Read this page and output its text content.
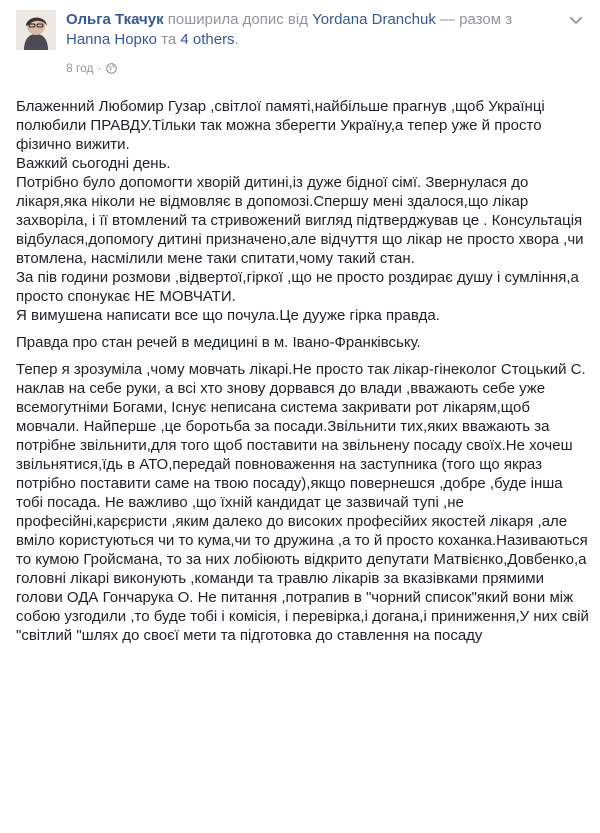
Ольга Ткачук поширила допис від Yordana Dranchuk — разом з Hanna Норко та 4 others.
8 год ·

Блаженний Любомир Гузар ,світлої памяті,найбільше прагнув ,щоб Українці полюбили ПРАВДУ.Тільки так можна зберегти Україну,а тепер уже й просто фізично вижити.
Важкий сьогодні день.
Потрібно було допомогти хворій дитині,із дуже бідної сімї. Звернулася до лікаря,яка ніколи не відмовляє в допомозі.Спершу мені здалося,що лікар захворіла, і її втомлений та стривожений вигляд підтверджував це . Консультація відбулася,допомогу дитині призначено,але відчуття що лікар не просто хвора ,чи втомлена, насмілили мене таки спитати,чому такий стан.
За пів години розмови ,відвертої,гіркої ,що не просто роздирає душу і сумління,а просто спонукає НЕ МОВЧАТИ.
Я вимушена написати все що почула.Це дууже гірка правда.

Правда про стан речей в медицині в м. Івано-Франківську.

Тепер я зрозуміла ,чому мовчать лікарі.Не просто так лікар-гінеколог Стоцький С. наклав на себе руки, а всі хто знову дорвався до влади ,вважають себе уже всемогутніми Богами, Існує неписана система закривати рот лікарям,щоб мовчали. Найперше ,це боротьба за посади.Звільнити тих,яких вважають за потрібне звільнити,для того щоб поставити на звільнену посаду своїх.Не хочеш звільнятися,їдь в АТО,передай повноваження на заступника (того що якраз потрібно поставити саме на твою посаду),якщо повернешся ,добре ,буде інша тобі посада. Не важливо ,що їхній кандидат це зазвичай тупі ,не професійні,карєристи ,яким далеко до високих професійих якостей лікаря ,але вміло користуються чи то кума,чи то дружина ,а то й просто коханка.Називаються то кумою Гройсмана, то за них лобіюють відкрито депутати Матвієнко,Довбенко,а головні лікарі виконують ,команди та травлю лікарів за вказівками прямими голови ОДА Гончарука О. Не питання ,потрапив в "чорний список"який вони між собою узгодили ,то буде тобі і комісія, і перевірка,і догана,і приниження,У них свій "світлий "шлях до своєї мети та підготовка до ставлення на посаду
